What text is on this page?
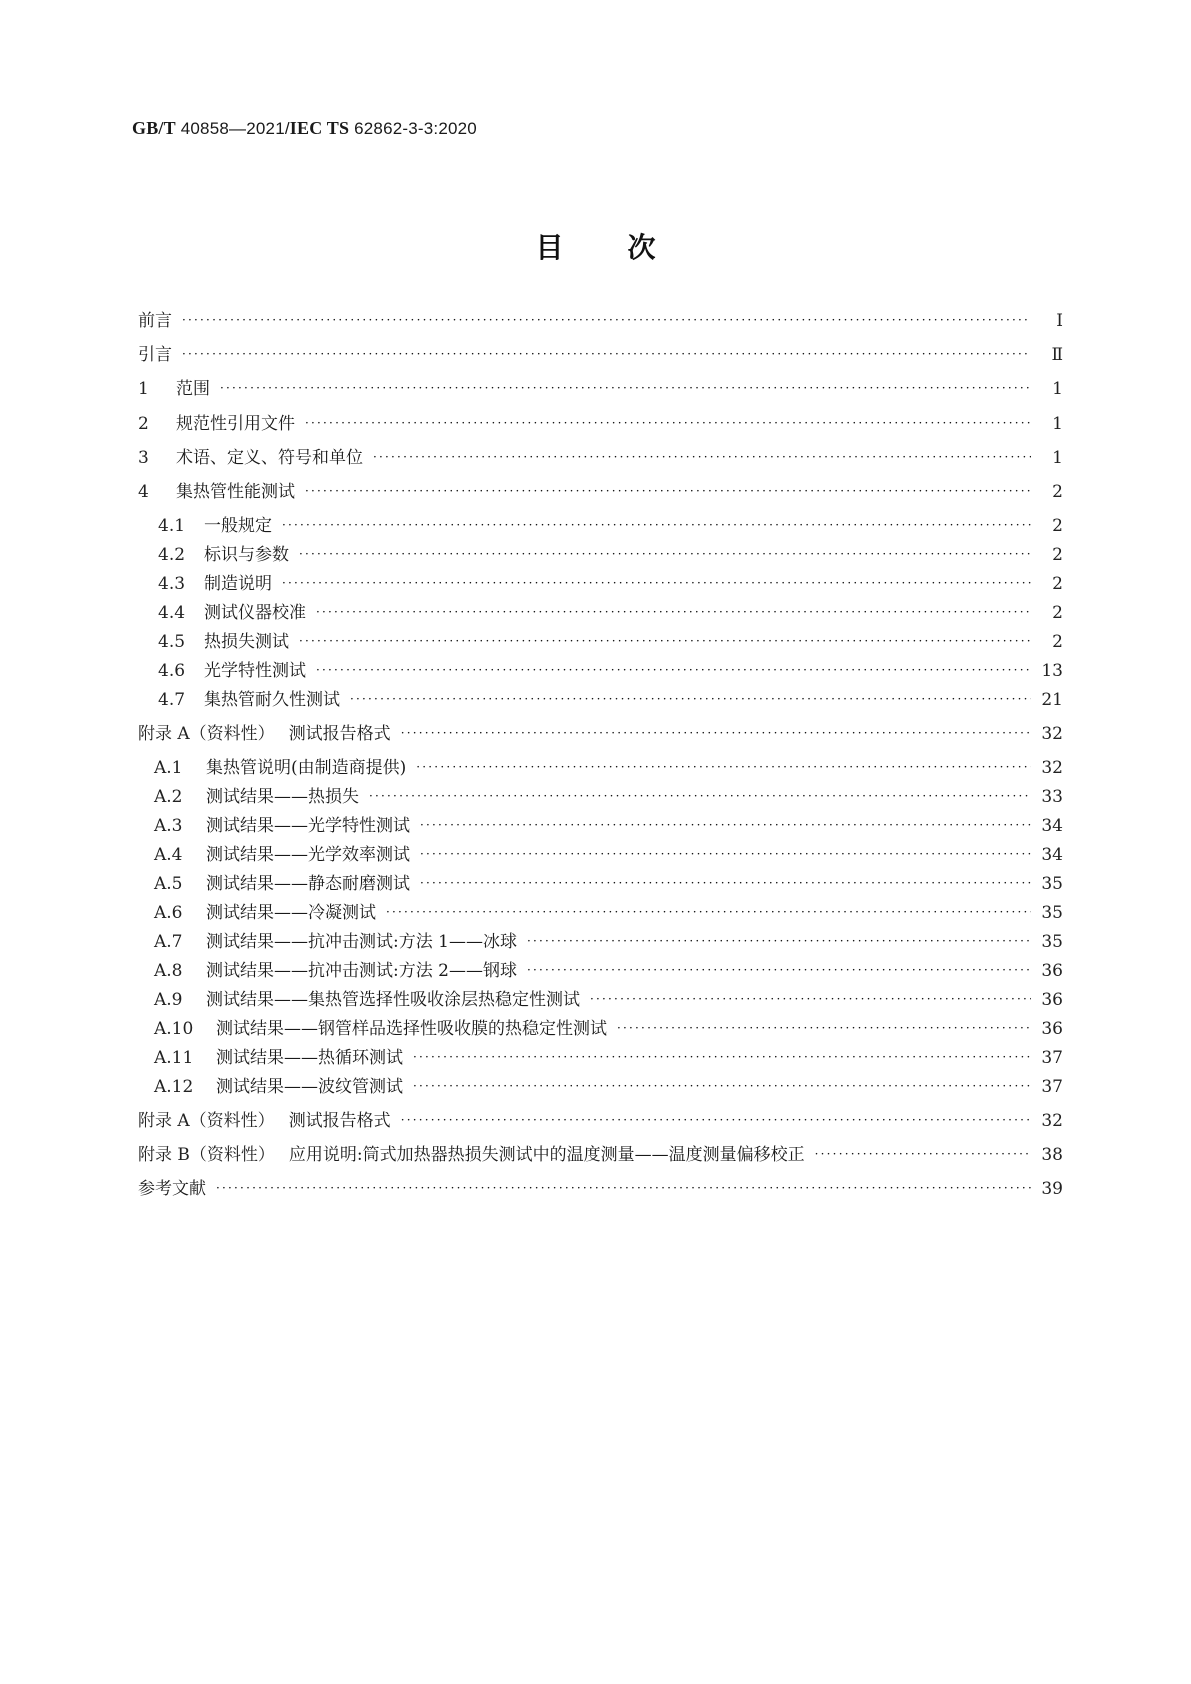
GB/T 40858—2021/IEC TS 62862-3-3:2020
目 次
前言 ·····	Ⅰ
引言 ·····	Ⅱ
1	范围 ·····	1
2	规范性引用文件 ·····	1
3	术语、定义、符号和单位 ·····	1
4	集热管性能测试 ·····	2
4.1	一般规定 ·····	2
4.2	标识与参数 ·····	2
4.3	制造说明 ·····	2
4.4	测试仪器校准 ·····	2
4.5	热损失测试 ·····	2
4.6	光学特性测试 ·····	13
4.7	集热管耐久性测试 ·····	21
附录 A（资料性） 测试报告格式 ·····	32
A.1	集热管说明(由制造商提供) ·····	32
A.2	测试结果——热损失 ·····	33
A.3	测试结果——光学特性测试 ·····	34
A.4	测试结果——光学效率测试 ·····	34
A.5	测试结果——静态耐磨测试 ·····	35
A.6	测试结果——冷凝测试 ·····	35
A.7	测试结果——抗冲击测试:方法 1——冰球 ·····	35
A.8	测试结果——抗冲击测试:方法 2——钢球 ·····	36
A.9	测试结果——集热管选择性吸收涂层热稳定性测试 ·····	36
A.10	测试结果——钢管样品选择性吸收膜的热稳定性测试 ·····	36
A.11	测试结果——热循环测试 ·····	37
A.12	测试结果——波纹管测试 ·····	37
附录 A（资料性） 测试报告格式 ·····	32
附录 B（资料性） 应用说明:筒式加热器热损失测试中的温度测量——温度测量偏移校正 ·····	38
参考文献 ·····	39
